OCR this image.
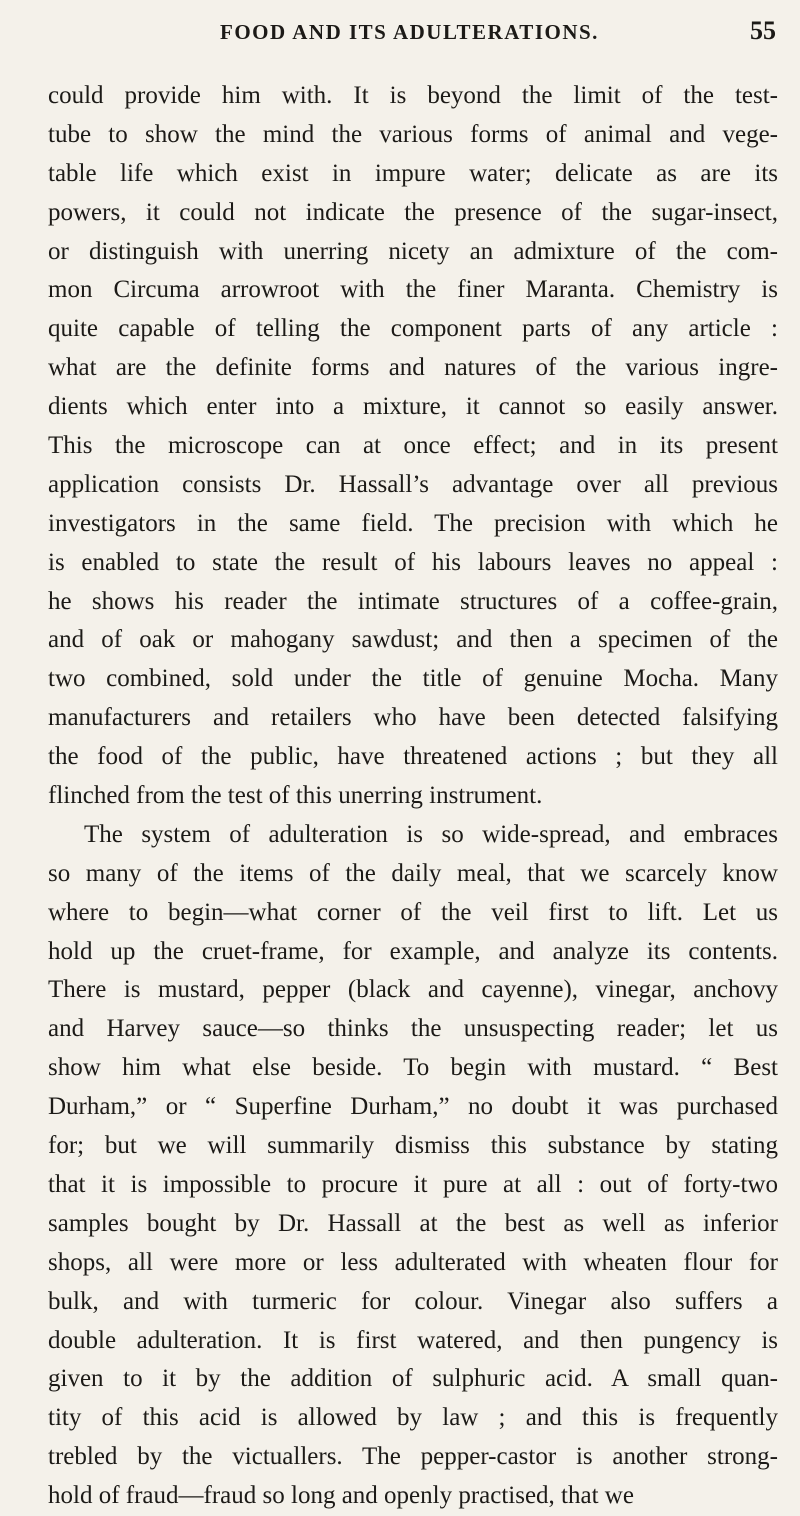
FOOD AND ITS ADULTERATIONS.	55
could provide him with. It is beyond the limit of the test-
tube to show the mind the various forms of animal and vege-
table life which exist in impure water; delicate as are its
powers, it could not indicate the presence of the sugar-insect,
or distinguish with unerring nicety an admixture of the com-
mon Circuma arrowroot with the finer Maranta. Chemistry is
quite capable of telling the component parts of any article :
what are the definite forms and natures of the various ingre-
dients which enter into a mixture, it cannot so easily answer.
This the microscope can at once effect; and in its present
application consists Dr. Hassall’s advantage over all previous
investigators in the same field. The precision with which he
is enabled to state the result of his labours leaves no appeal :
he shows his reader the intimate structures of a coffee-grain,
and of oak or mahogany sawdust; and then a specimen of the
two combined, sold under the title of genuine Mocha. Many
manufacturers and retailers who have been detected falsifying
the food of the public, have threatened actions ; but they all
flinched from the test of this unerring instrument.
The system of adulteration is so wide-spread, and embraces
so many of the items of the daily meal, that we scarcely know
where to begin—what corner of the veil first to lift. Let us
hold up the cruet-frame, for example, and analyze its contents.
There is mustard, pepper (black and cayenne), vinegar, anchovy
and Harvey sauce—so thinks the unsuspecting reader; let us
show him what else beside. To begin with mustard. “ Best
Durham,” or “ Superfine Durham,” no doubt it was purchased
for; but we will summarily dismiss this substance by stating
that it is impossible to procure it pure at all : out of forty-two
samples bought by Dr. Hassall at the best as well as inferior
shops, all were more or less adulterated with wheaten flour for
bulk, and with turmeric for colour. Vinegar also suffers a
double adulteration. It is first watered, and then pungency is
given to it by the addition of sulphuric acid. A small quan-
tity of this acid is allowed by law ; and this is frequently
trebled by the victuallers. The pepper-castor is another strong-
hold of fraud—fraud so long and openly practised, that we
